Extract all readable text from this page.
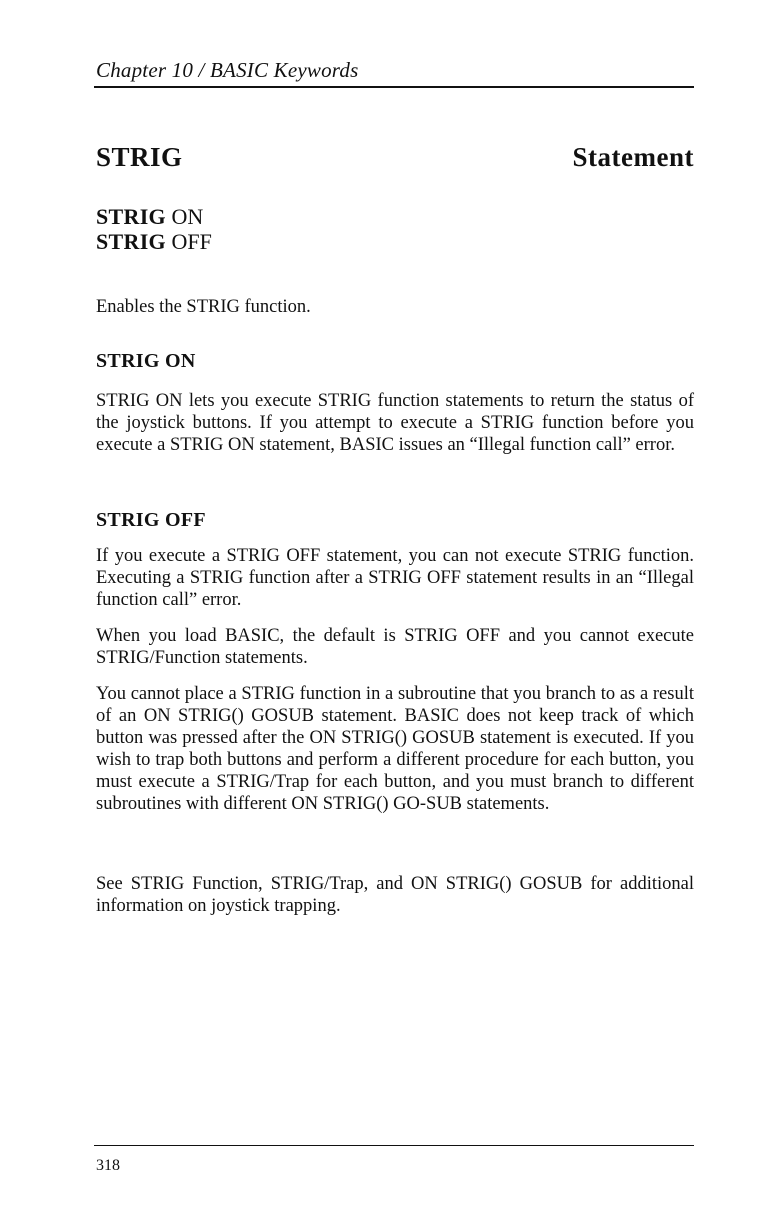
Chapter 10 / BASIC Keywords
STRIG	Statement
STRIG ON
STRIG OFF
Enables the STRIG function.
STRIG ON
STRIG ON lets you execute STRIG function statements to return the status of the joystick buttons. If you attempt to execute a STRIG function before you execute a STRIG ON statement, BASIC issues an “Illegal function call” error.
STRIG OFF
If you execute a STRIG OFF statement, you can not execute STRIG function. Executing a STRIG function after a STRIG OFF statement results in an “Illegal function call” error.
When you load BASIC, the default is STRIG OFF and you cannot execute STRIG/Function statements.
You cannot place a STRIG function in a subroutine that you branch to as a result of an ON STRIG() GOSUB statement. BASIC does not keep track of which button was pressed after the ON STRIG() GOSUB statement is executed. If you wish to trap both buttons and perform a different procedure for each button, you must execute a STRIG/Trap for each button, and you must branch to different subroutines with different ON STRIG() GO-SUB statements.
See STRIG Function, STRIG/Trap, and ON STRIG() GOSUB for additional information on joystick trapping.
318
